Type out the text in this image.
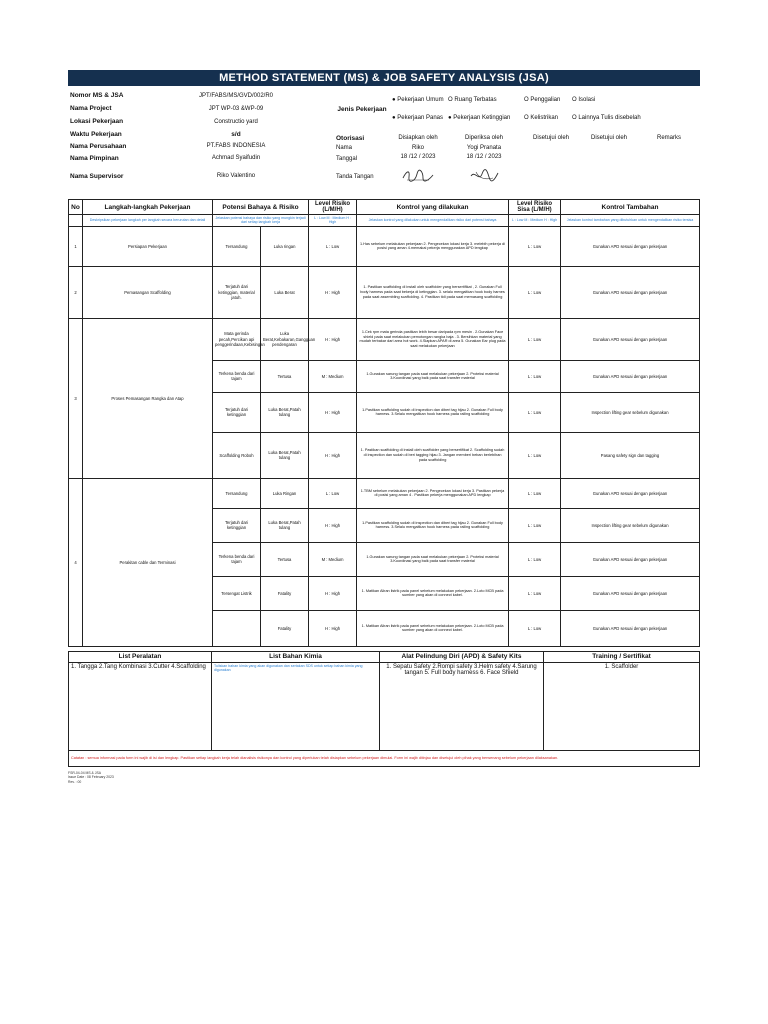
METHOD STATEMENT (MS) & JOB SAFETY ANALYSIS (JSA)
Nomor MS & JSA	JPT/FABS/MS/GVD/002/R0
Nama Project	JPT WP-03 &WP-09
Lokasi Pekerjaan	Constructio yard
Waktu Pekerjaan	s/d
Nama Perusahaan	PT.FABS INDONESIA
Nama Pimpinan	Achmad Syaifudin
Nama Supervisor	Riko Valentino

Jenis Pekerjaan	● Pekerjaan Umum	O Ruang Terbatas	O Penggalian	O Isolasi
● Pekerjaan Panas	● Pekerjaan Ketinggian	O Kelistrikan	O Lainnya Tulis disebelah
Otorisasi	Disiapkan oleh	Diperiksa oleh	Disetujui oleh	Disetujui oleh	Remarks
Nama	Riko	Yogi Pranata			
Tanggal	18 /12 / 2023	18 /12 / 2023			
Tanda Tangan					
No	Langkah-langkah Pekerjaan	Potensi Bahaya & Risiko		Level Risiko (L/M/H)	Kontrol yang dilakukan	Level Risiko Sisa (L/M/H)	Kontrol Tambahan
	Deskripsikan pekerjaan langkah per langkah secara berurutan dan detail	Jelaskan potensi bahaya dan risiko yang mungkin terjadi dari setiap langkah kerja		L : Low M : Medium H : High	Jelaskan kontrol yang dilakukan untuk mengendalikan risiko dari potensi bahaya	L : Low M : Medium H : High	Jelaskan kontrol tambahan yang dibutuhkan untuk mengendalikan risiko tersisa
1	Persiapan Pekerjaan	Tersandung	Luka ringan	L : Low	1.Has sebelum melakukan pekerjaan 2. Pengecekan lokasi kerja 3. melebih pekerja di posisi yang aman 4.memakai pekerja menggunakan APD lengkap	L : Low	Gunakan APD sesuai dengan pekerjaan
2	Pemasangan Scaffolding	Terjatuh dari ketinggian, material jatuh.	Luka Berat	H : High	1. Pastikan scaffolding di install oleh scaffolder yang bersertifikat , 2. Gunakan Full body harness pada saat bekerja di ketinggian. 3. selalu mengaitkan hook body harnes pada saat assembling scaffolding. 4. Pastikan tidi pada saat memasang scaffolding	L : Low	Gunakan APD sesuai dengan pekerjaan
3	Proses Pemasangan Rangka dan Atap	Mata gerinda pecah,Percikan api penggerindaan,Kebisingan	Luka Berat,Kebakaran,Gangguan pendengaran	H : High	1.Cek rpm mata gerinda pastikan lebih besar daripada rpm mesin . 2.Gunakan Face shield pada saat melakukan pemotongan rangka baja . 3. Bersihkan material yang mudah terbakar dari area hot work. 4.Siapkan APAR di area 5. Gunakan Ear plug pada saat melakukan pekerjaan	L : Low	Gunakan APD sesuai dengan pekerjaan
		Terkena benda dari tajam	Tertusa	M : Medium	1.Gunakan sarung tangan pada saat melakukan pekerjaan 2. Proteksi material 3.Koordinasi yang baik pada saat transfer material	L : Low	Gunakan APD sesuai dengan pekerjaan
		Terjatuh dari ketinggian	Luka Berat,Patah tulang	H : High	1.Pastikan scaffolding sudah di inspection dan diberi tag hijau 2. Gunakan Full body harness. 3.Selalu mengaitkan hook harness pada railing scaffolding	L : Low	Inspection lifting gear sebelum digunakan
		Scaffolding Roboh	Luka Berat,Patah tulang	H : High	1. Pastikan scaffolding di install oleh scaffolder yang bersertifikat 2. Scaffolding sudah di inspection dan sudah di beri tagging hijau 3. Jangan memberi beban berlebihan pada scaffolding	L : Low	Pasang safety sign dan tagging
4	Perakitan cable dan Terminasi	Tersandung	Luka Ringan	L : Low	1.TBM sebelum melakukan pekerjaan 2. Pengecekan lokasi kerja 3. Pastikan pekerja di posisi yang aman 4 . Pastikan pekerja menggunakan APD lengkap	L : Low	Gunakan APD sesuai dengan pekerjaan
		Terjatuh dari ketinggian	Luka Berat,Patah tulang	H : High	1.Pastikan scaffolding sudah di inspection dan diberi tag hijau 2. Gunakan Full body harness. 3.Selalu mengaitkan hook harness pada railing scaffolding	L : Low	Inspection lifting gear sebelum digunakan
		Terkena benda dari tajam	Tertusa	M : Medium	1.Gunakan sarung tangan pada saat melakukan pekerjaan 2. Proteksi material 3.Koordinasi yang baik pada saat transfer material	L : Low	Gunakan APD sesuai dengan pekerjaan
		Tersengat Listrik	Fatality	H : High	1. Matikan Aliran listrik pada panel sebelum melakukan pekerjaan. 2.Loto MCB pada sumber yang akan di connect kabel.	L : Low	Gunakan APD sesuai dengan pekerjaan
			Fatality	H : High	1. Matikan Aliran listrik pada panel sebelum melakukan pekerjaan. 2.Loto MCB pada sumber yang akan di connect kabel.	L : Low	Gunakan APD sesuai dengan pekerjaan
List Peralatan	List Bahan Kimia	Alat Pelindung Diri (APD) & Safety Kits	Training / Sertifikat
1. Tangga 2.Tang Kombinasi 3.Cutter 4.Scaffolding	Tuliskan bahan kimia yang akan digunakan dan sertakan SDS untuk setiap bahan kimia yang digunakan	1. Sepatu Safety 2.Rompi safety 3.Helm safety 4.Sarung tangan 5. Full body harness 6. Face Shield	1. Scaffolder
Catatan : semua informasi pada form ini wajib di isi dan lengkap. Pastikan setiap langkah kerja telah dianalisis risikonya dan kontrol yang diperlukan telah disiapkan sebelum pekerjaan dimulai. Form ini wajib ditinjau dan disetujui oleh pihak yang berwenang sebelum pekerjaan dilaksanakan.			
FSR-04-04 MS & JSA
Issue Date : 08 February 2023
Rev. : 00
